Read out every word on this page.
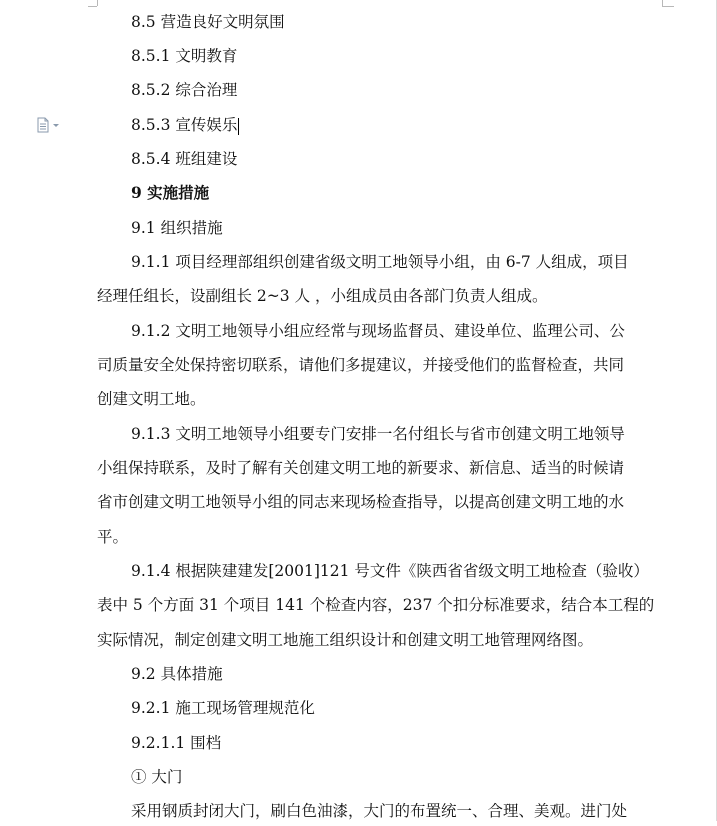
8.5 营造良好文明氛围
8.5.1 文明教育
8.5.2 综合治理
8.5.3 宣传娱乐
8.5.4 班组建设
9 实施措施
9.1 组织措施
9.1.1 项目经理部组织创建省级文明工地领导小组，由 6-7 人组成，项目
经理任组长，设副组长 2~3 人 ，小组成员由各部门负责人组成。
9.1.2 文明工地领导小组应经常与现场监督员、建设单位、监理公司、公
司质量安全处保持密切联系，请他们多提建议，并接受他们的监督检查，共同
创建文明工地。
9.1.3 文明工地领导小组要专门安排一名付组长与省市创建文明工地领导
小组保持联系，及时了解有关创建文明工地的新要求、新信息、适当的时候请
省市创建文明工地领导小组的同志来现场检查指导，以提高创建文明工地的水
平。
9.1.4 根据陕建建发[2001]121 号文件《陕西省省级文明工地检查（验收）
表中 5 个方面 31 个项目 141 个检查内容，237 个扣分标准要求，结合本工程的
实际情况，制定创建文明工地施工组织设计和创建文明工地管理网络图。
9.2 具体措施
9.2.1 施工现场管理规范化
9.2.1.1 围档
① 大门
采用钢质封闭大门，刷白色油漆，大门的布置统一、合理、美观。进门处
